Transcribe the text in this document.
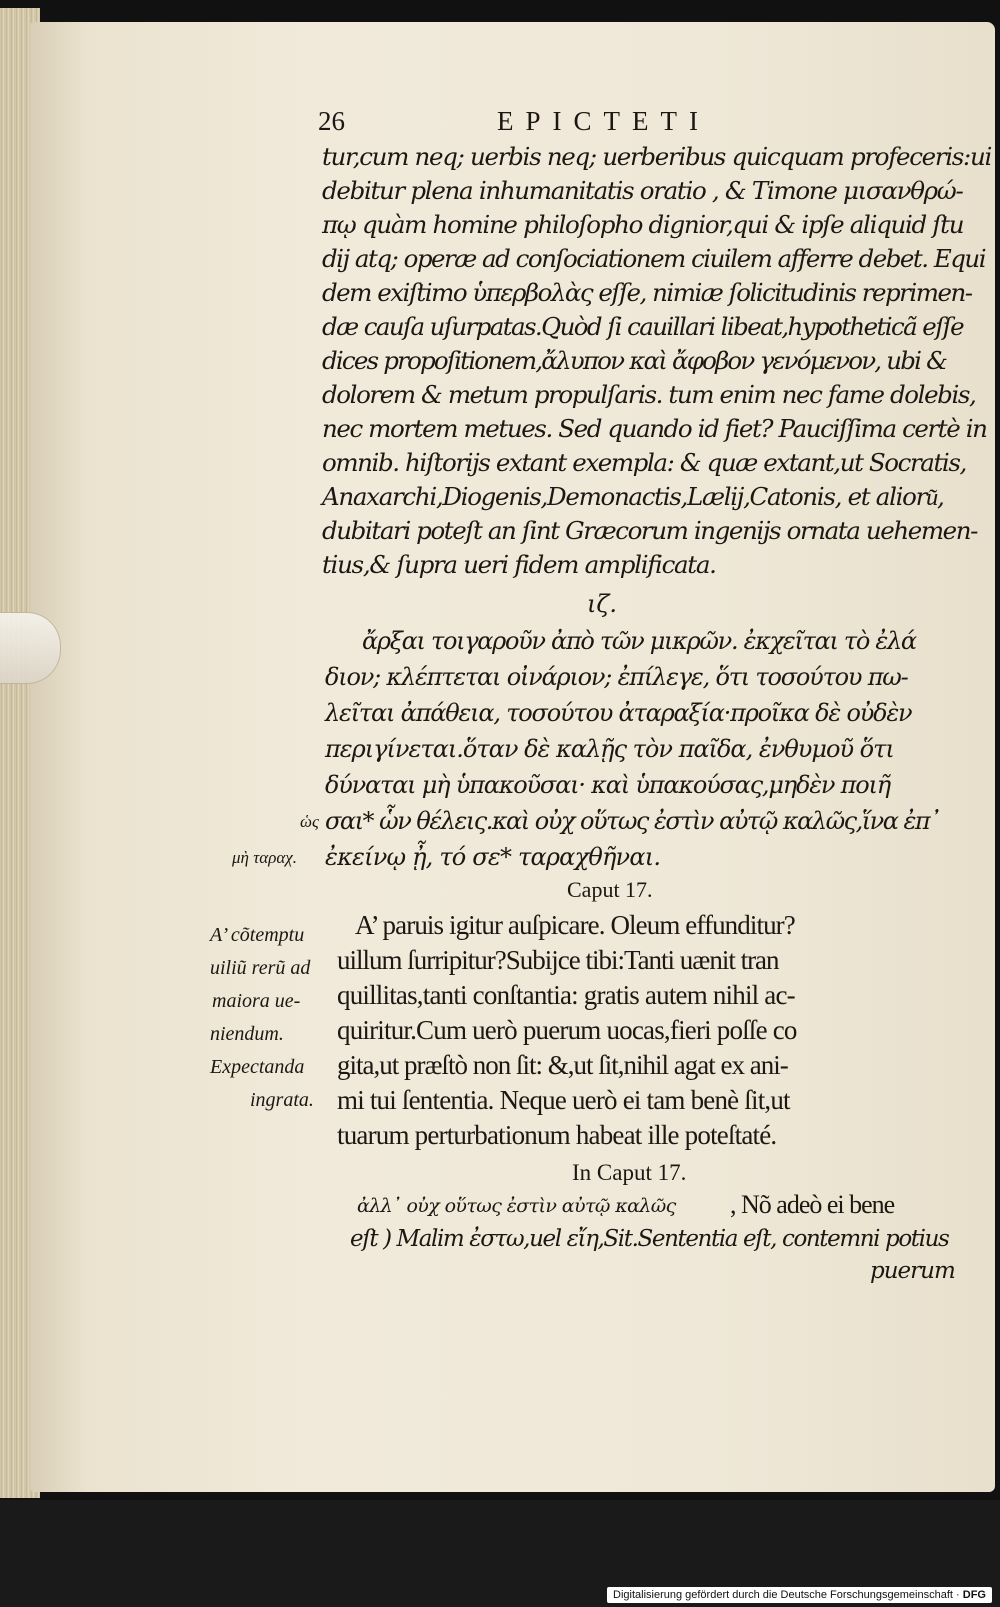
26	EPICTETI
tur,cum neq; uerbis neq; uerberibus quicquam profeceris:ui
debitur plena inhumanitatis oratio , & Timone μισανθρώ-
πῳ quàm homine philoſopho dignior,qui & ipſe aliquid ſtu
dij atq; operæ ad conſociationem ciuilem afferre debet. Equi
dem exiſtimo ὑπερβολὰς eſſe, nimiæ ſolicitudinis reprimen-
dæ cauſa uſurpatas.Quòd ſi cauillari libeat,hypotheticã eſſe
dices propoſitionem,ἄλυπον καὶ ἄφοβον γενόμενον, ubi &
dolorem & metum propulſaris. tum enim nec fame dolebis,
nec mortem metues. Sed quando id fiet? Pauciſſima certè in
omnib. hiſtorijs extant exempla: & quæ extant,ut Socratis,
Anaxarchi,Diogenis,Demonactis,Lælij,Catonis, et alioru͂,
dubitari poteſt an ſint Græcorum ingenijs ornata uehemen-
tius,& ſupra ueri fidem amplificata.
ιζ.
ἄρξαι τοιγαροῦν ἀπὸ τῶν μικρῶν. ἐκχεῖται τὸ ἐλά
διον; κλέπτεται οἰνάριον; ἐπίλεγε, ὅτι τοσούτου πω-
λεῖται ἀπάθεια, τοσούτου ἀταραξία·προῖκα δὲ οὐδὲν
περιγίνεται.ὅταν δὲ καλῇς τὸν παῖδα, ἐνθυμοῦ ὅτι
δύναται μὴ ὑπακοῦσαι· καὶ ὑπακούσας,μηδὲν ποιῆ
σαι* ὧν θέλεις.καὶ οὐχ οὕτως ἐστὶν αὐτῷ καλῶς,ἵνα ἐπ᾽
ἐκείνῳ ᾖ, τό σε* ταραχθῆναι.
ὡς
μὴ ταραχ.
Caput 17.
A’ paruis igitur auſpicare. Oleum effunditur?
uillum ſurripitur?Subijce tibi:Tanti uænit tran
quillitas,tanti conſtantia: gratis autem nihil ac-
quiritur.Cum uerò puerum uocas,fieri poſſe co
gita,ut præſtò non ſit: &,ut ſit,nihil agat ex ani-
mi tui ſententia. Neque uerò ei tam benè ſit,ut
tuarum perturbationum habeat ille poteſtaté.
A’ cõtemptu
uiliũ rerũ ad
maiora ue-
niendum.
Expectanda
ingrata.
In Caput 17.
ἀλλ᾽ οὐχ οὕτως ἐστὶν αὐτῷ καλῶς , Nõ adeò ei bene
eſt ) Malim ἐστω,uel εἴη,Sit.Sententia eſt, contemni potius
puerum
Digitalisierung gefördert durch die Deutsche Forschungsgemeinschaft · DFG
